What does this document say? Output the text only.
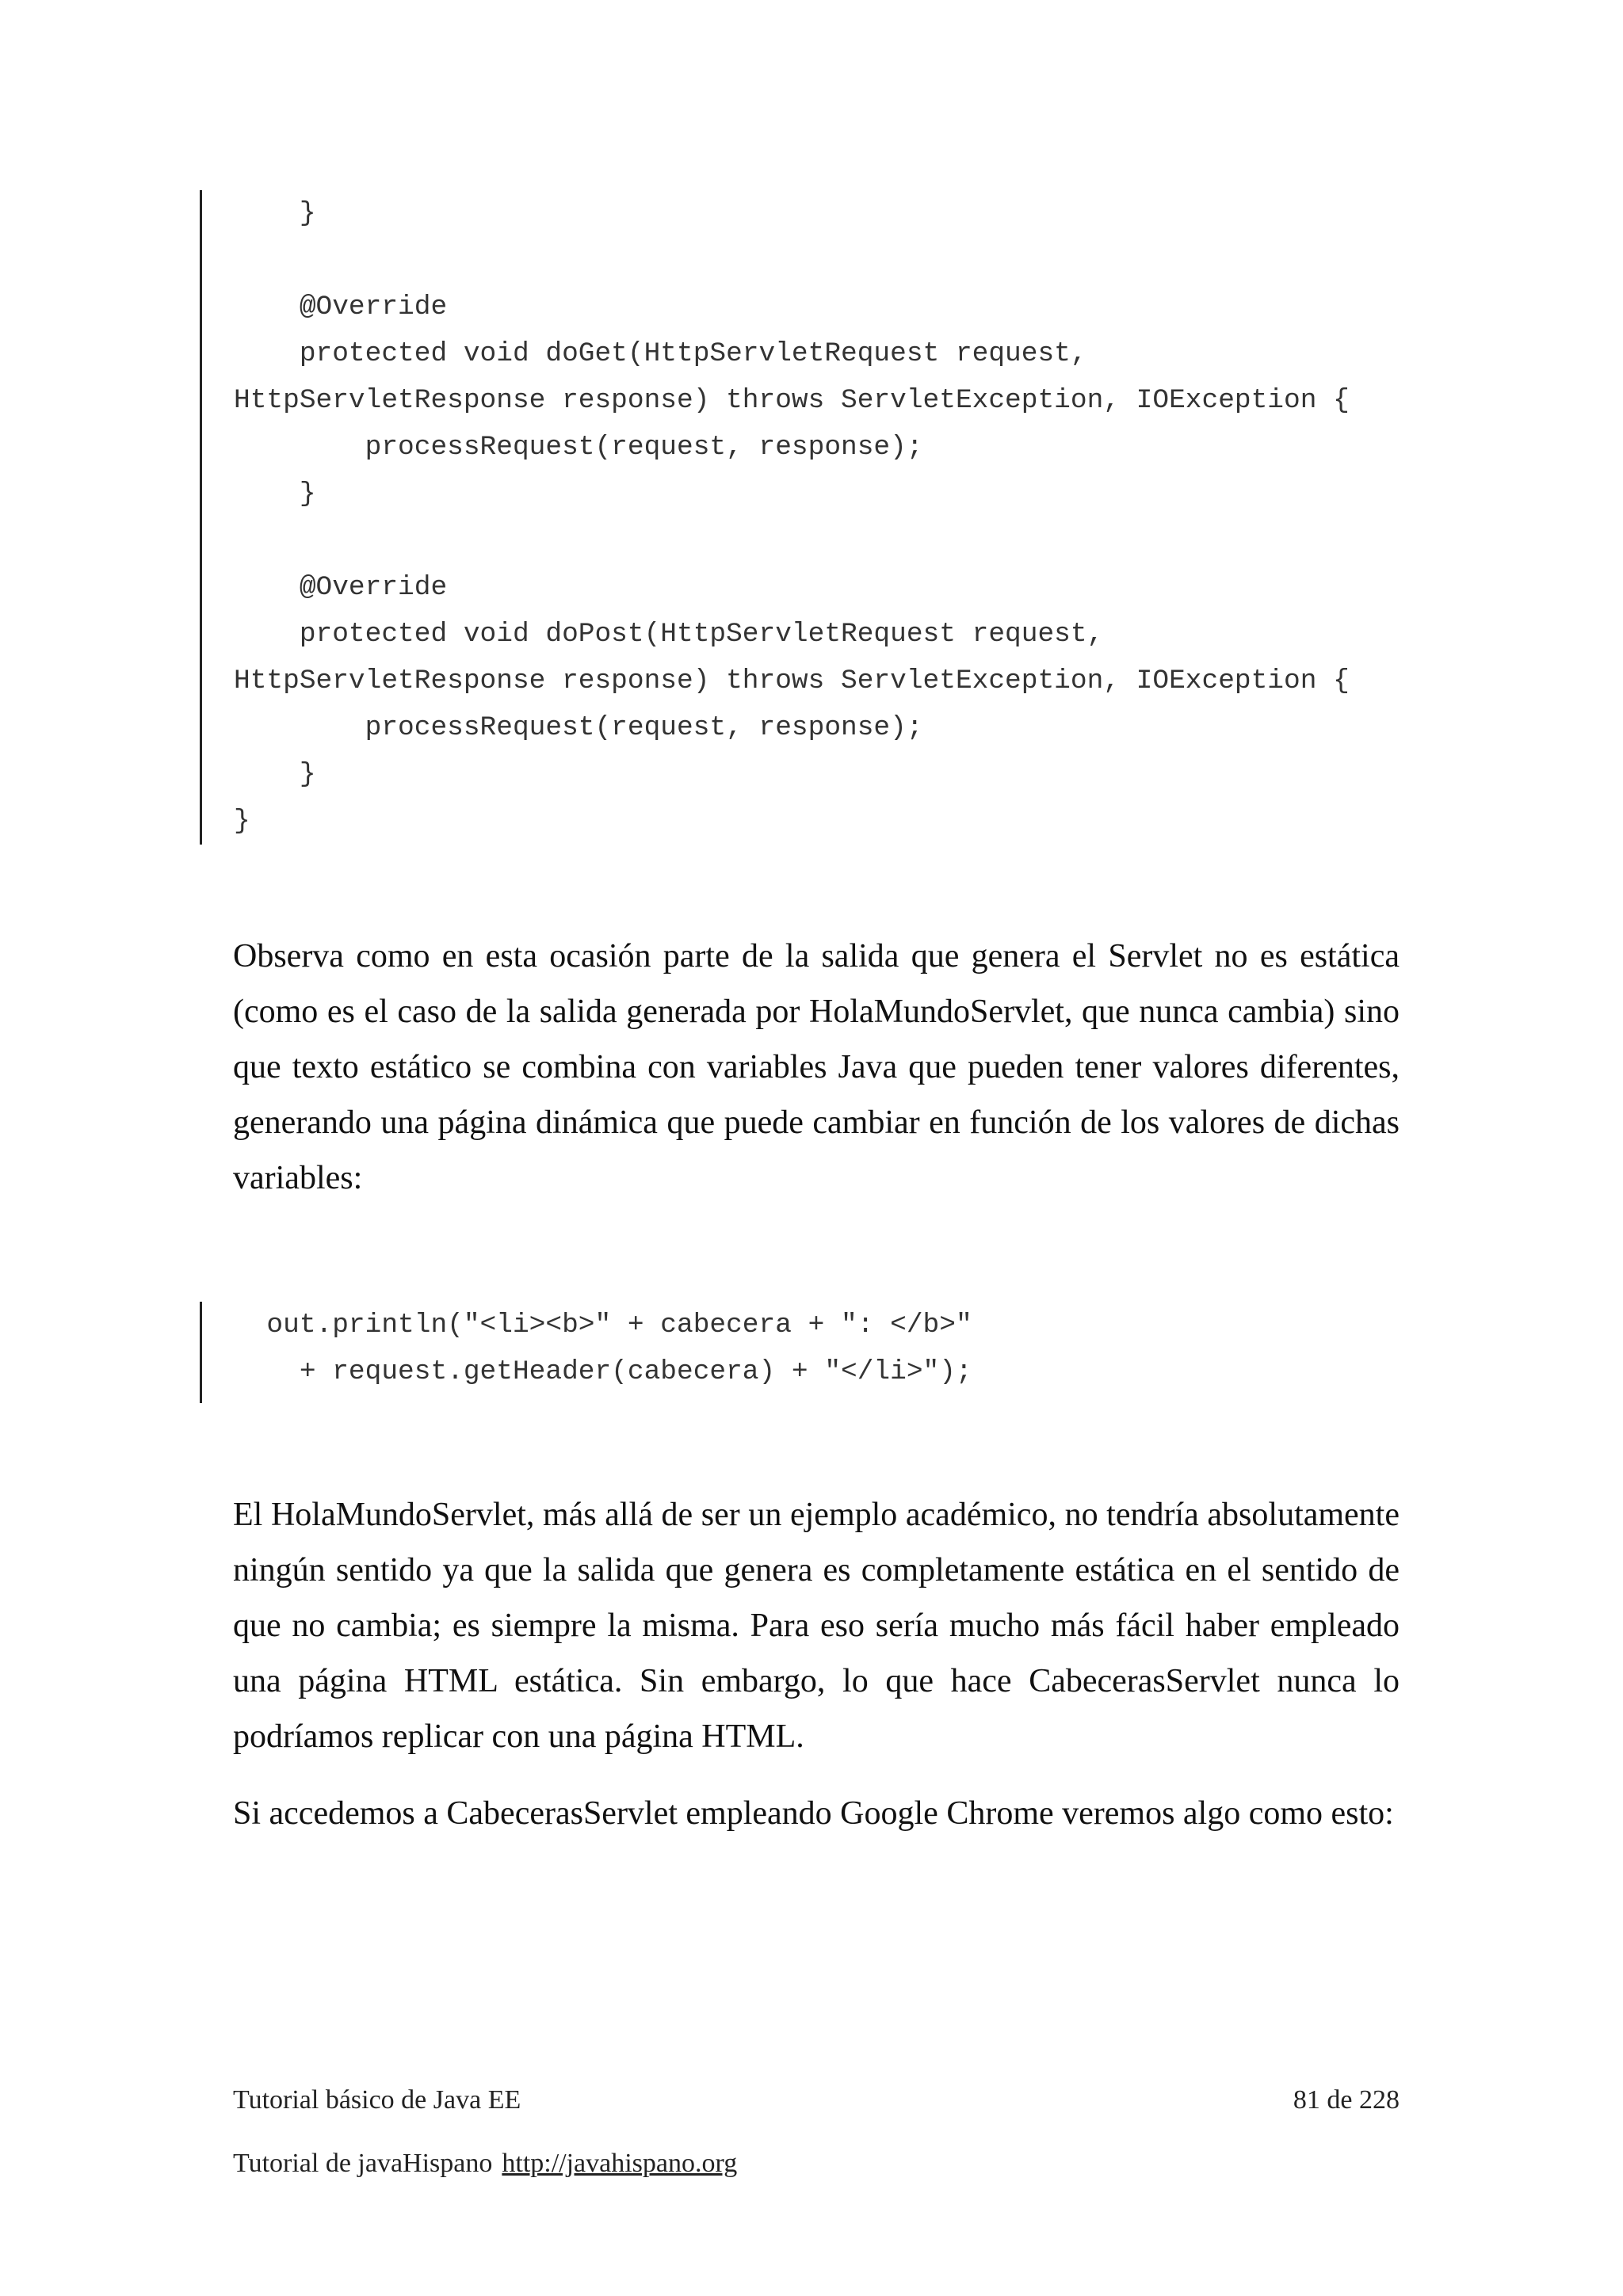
}
@Override
protected void doGet(HttpServletRequest request,
HttpServletResponse response) throws ServletException, IOException {
processRequest(request, response);
}
@Override
protected void doPost(HttpServletRequest request,
HttpServletResponse response) throws ServletException, IOException {
processRequest(request, response);
}
}

Observa como en esta ocasión parte de la salida que genera el Servlet no es estática (como es el caso de la salida generada por HolaMundoServlet, que nunca cambia) sino que texto estático se combina con variables Java que pueden tener valores diferentes, generando una página dinámica que puede cambiar en función de los valores de dichas variables:

out.println("<li><b>" + cabecera + ": </b>"
+ request.getHeader(cabecera) + "</li>");

El HolaMundoServlet, más allá de ser un ejemplo académico, no tendría absolutamente ningún sentido ya que la salida que genera es completamente estática en el sentido de que no cambia; es siempre la misma. Para eso sería mucho más fácil haber empleado una página HTML estática. Sin embargo, lo que hace CabecerasServlet nunca lo podríamos replicar con una página HTML.

Si accedemos a CabecerasServlet empleando Google Chrome veremos algo como esto:

Tutorial básico de Java EE	81 de 228
Tutorial de javaHispano http://javahispano.org
